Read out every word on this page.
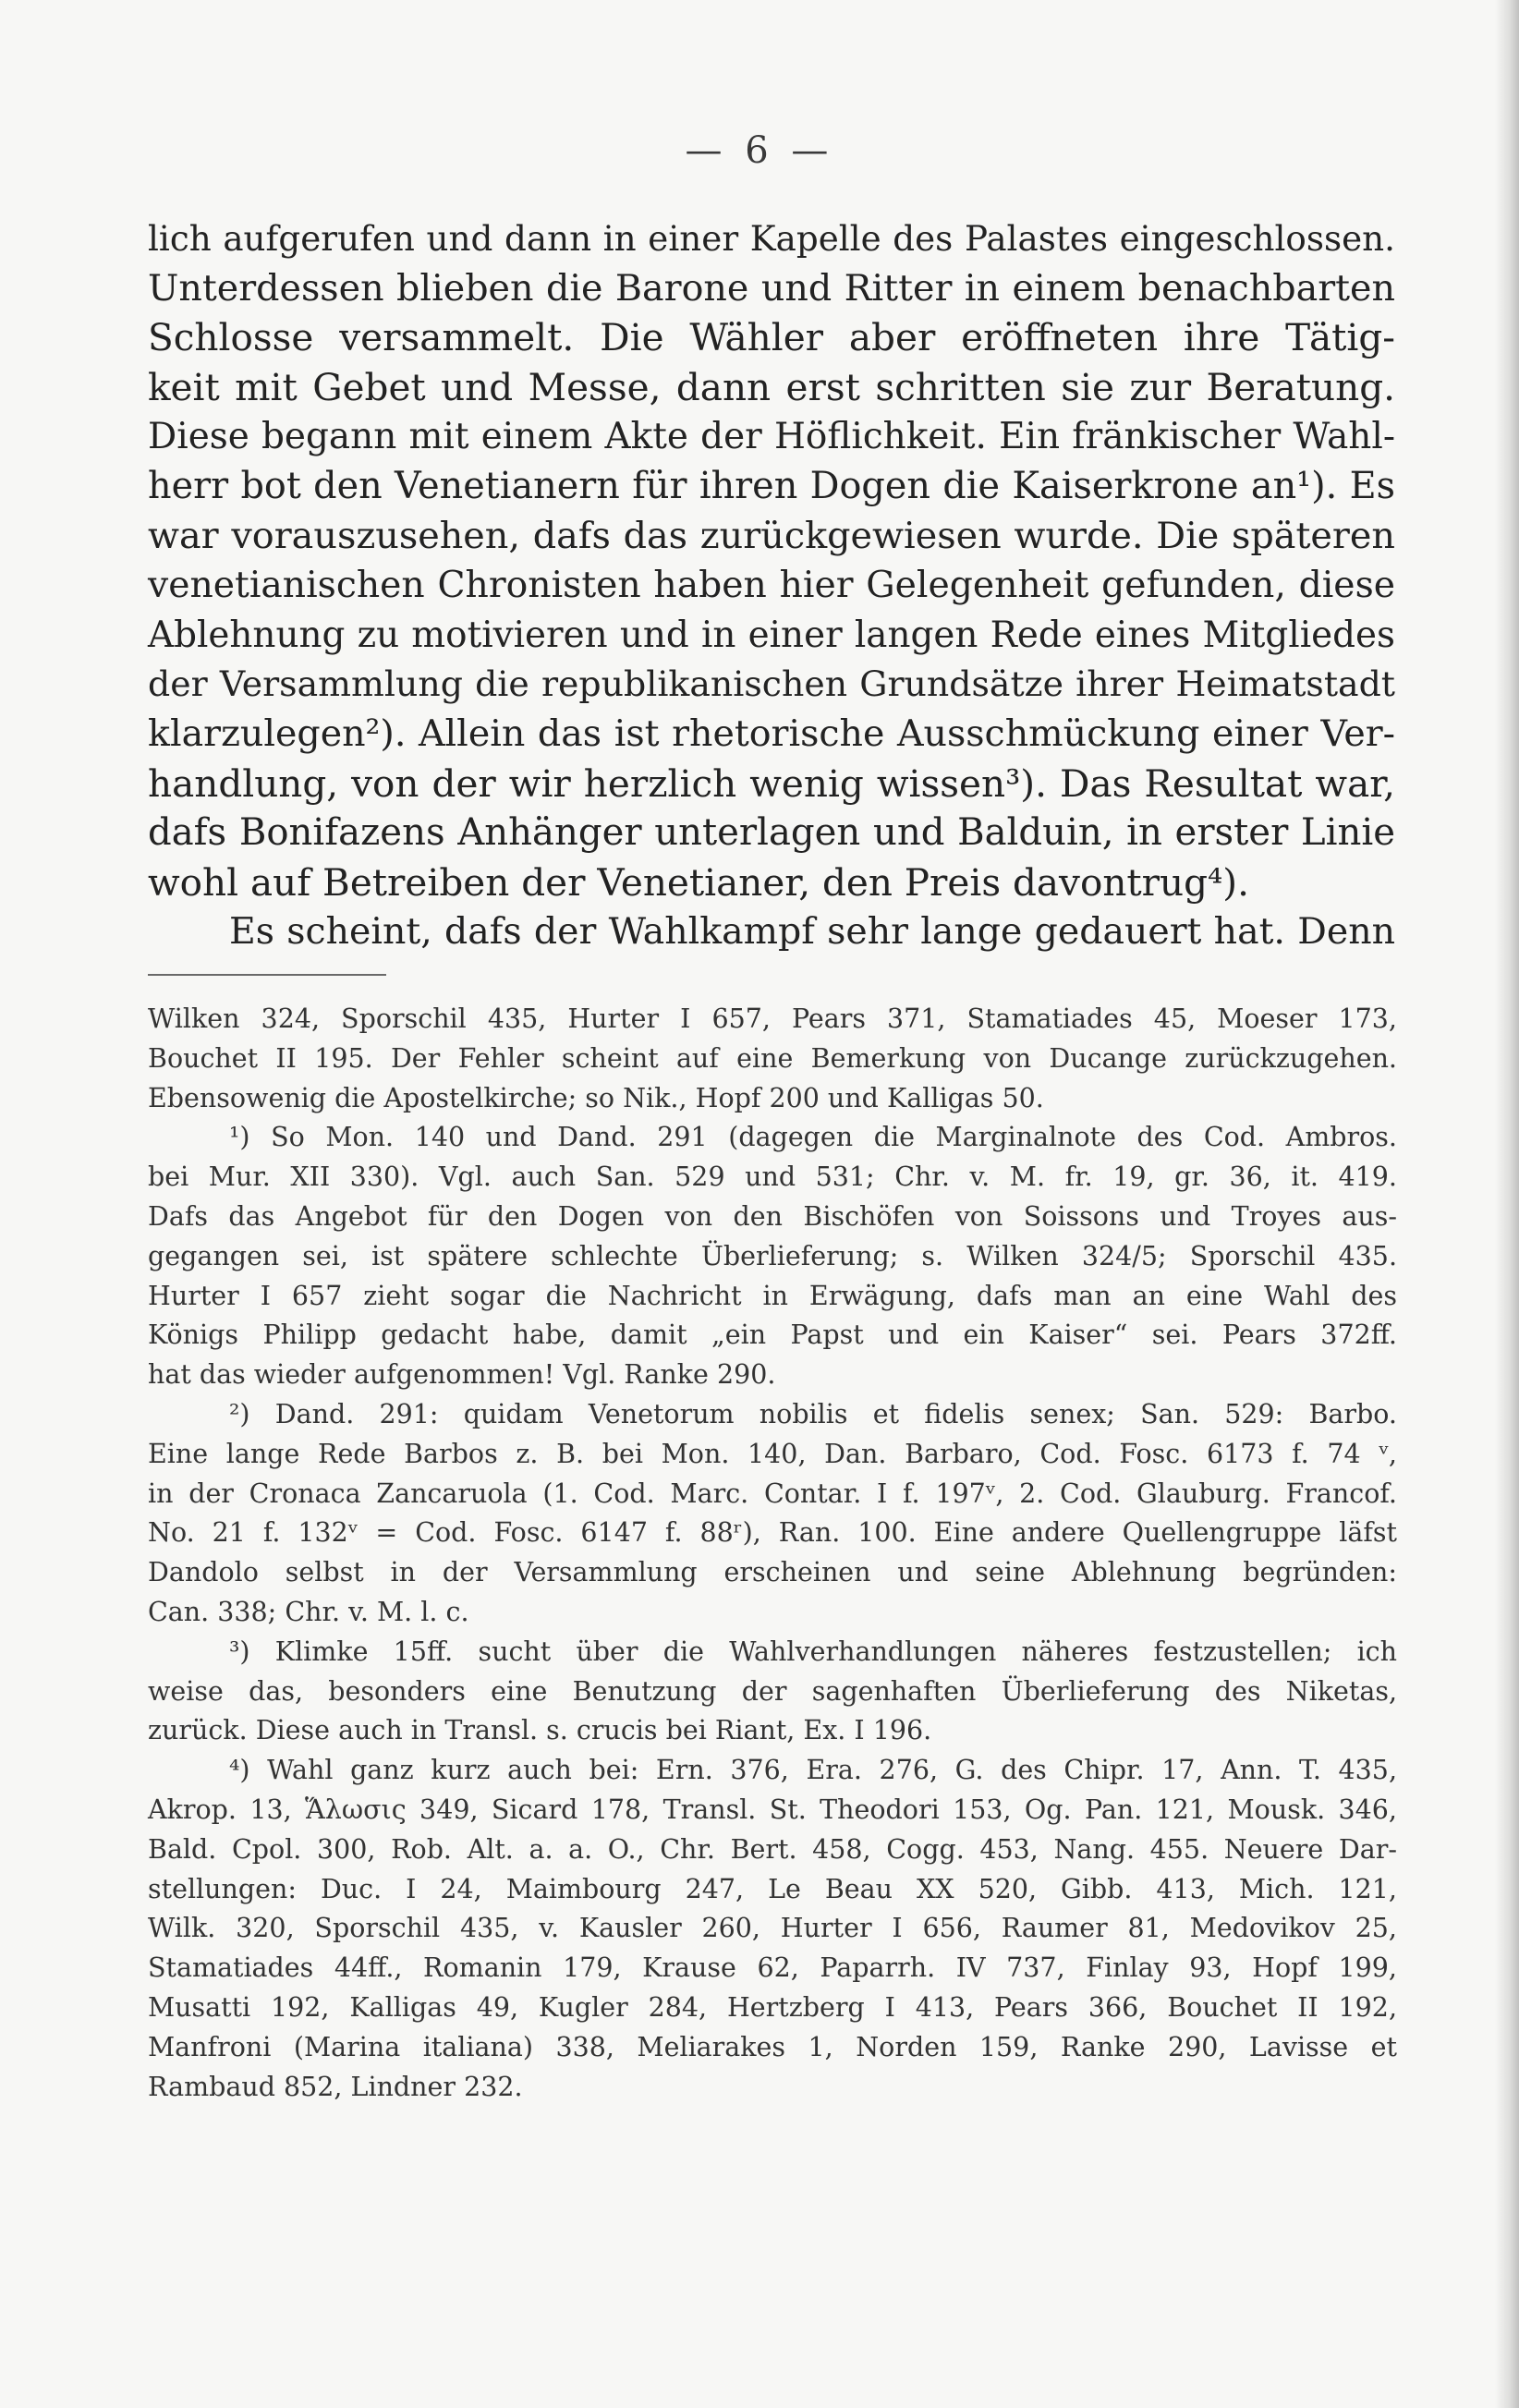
— 6 —
lich aufgerufen und dann in einer Kapelle des Palastes eingeschlossen.
Unterdessen blieben die Barone und Ritter in einem benachbarten
Schlosse versammelt. Die Wähler aber eröffneten ihre Tätig-
keit mit Gebet und Messe, dann erst schritten sie zur Beratung.
Diese begann mit einem Akte der Höflichkeit. Ein fränkischer Wahl-
herr bot den Venetianern für ihren Dogen die Kaiserkrone an¹). Es
war vorauszusehen, dafs das zurückgewiesen wurde. Die späteren
venetianischen Chronisten haben hier Gelegenheit gefunden, diese
Ablehnung zu motivieren und in einer langen Rede eines Mitgliedes
der Versammlung die republikanischen Grundsätze ihrer Heimatstadt
klarzulegen²). Allein das ist rhetorische Ausschmückung einer Ver-
handlung, von der wir herzlich wenig wissen³). Das Resultat war,
dafs Bonifazens Anhänger unterlagen und Balduin, in erster Linie
wohl auf Betreiben der Venetianer, den Preis davontrug⁴).
Es scheint, dafs der Wahlkampf sehr lange gedauert hat. Denn
Wilken 324, Sporschil 435, Hurter I 657, Pears 371, Stamatiades 45, Moeser 173,
Bouchet II 195. Der Fehler scheint auf eine Bemerkung von Ducange zurückzugehen.
Ebensowenig die Apostelkirche; so Nik., Hopf 200 und Kalligas 50.
¹) So Mon. 140 und Dand. 291 (dagegen die Marginalnote des Cod. Ambros.
bei Mur. XII 330). Vgl. auch San. 529 und 531; Chr. v. M. fr. 19, gr. 36, it. 419.
Dafs das Angebot für den Dogen von den Bischöfen von Soissons und Troyes aus-
gegangen sei, ist spätere schlechte Überlieferung; s. Wilken 324/5; Sporschil 435.
Hurter I 657 zieht sogar die Nachricht in Erwägung, dafs man an eine Wahl des
Königs Philipp gedacht habe, damit „ein Papst und ein Kaiser“ sei. Pears 372ff.
hat das wieder aufgenommen! Vgl. Ranke 290.
²) Dand. 291: quidam Venetorum nobilis et fidelis senex; San. 529: Barbo.
Eine lange Rede Barbos z. B. bei Mon. 140, Dan. Barbaro, Cod. Fosc. 6173 f. 74 ᵛ,
in der Cronaca Zancaruola (1. Cod. Marc. Contar. I f. 197ᵛ, 2. Cod. Glauburg. Francof.
No. 21 f. 132ᵛ = Cod. Fosc. 6147 f. 88ʳ), Ran. 100. Eine andere Quellengruppe läfst
Dandolo selbst in der Versammlung erscheinen und seine Ablehnung begründen:
Can. 338; Chr. v. M. l. c.
³) Klimke 15ff. sucht über die Wahlverhandlungen näheres festzustellen; ich
weise das, besonders eine Benutzung der sagenhaften Überlieferung des Niketas,
zurück. Diese auch in Transl. s. crucis bei Riant, Ex. I 196.
⁴) Wahl ganz kurz auch bei: Ern. 376, Era. 276, G. des Chipr. 17, Ann. T. 435,
Akrop. 13, Ἅλωσις 349, Sicard 178, Transl. St. Theodori 153, Og. Pan. 121, Mousk. 346,
Bald. Cpol. 300, Rob. Alt. a. a. O., Chr. Bert. 458, Cogg. 453, Nang. 455. Neuere Dar-
stellungen: Duc. I 24, Maimbourg 247, Le Beau XX 520, Gibb. 413, Mich. 121,
Wilk. 320, Sporschil 435, v. Kausler 260, Hurter I 656, Raumer 81, Medovikov 25,
Stamatiades 44ff., Romanin 179, Krause 62, Paparrh. IV 737, Finlay 93, Hopf 199,
Musatti 192, Kalligas 49, Kugler 284, Hertzberg I 413, Pears 366, Bouchet II 192,
Manfroni (Marina italiana) 338, Meliarakes 1, Norden 159, Ranke 290, Lavisse et
Rambaud 852, Lindner 232.
